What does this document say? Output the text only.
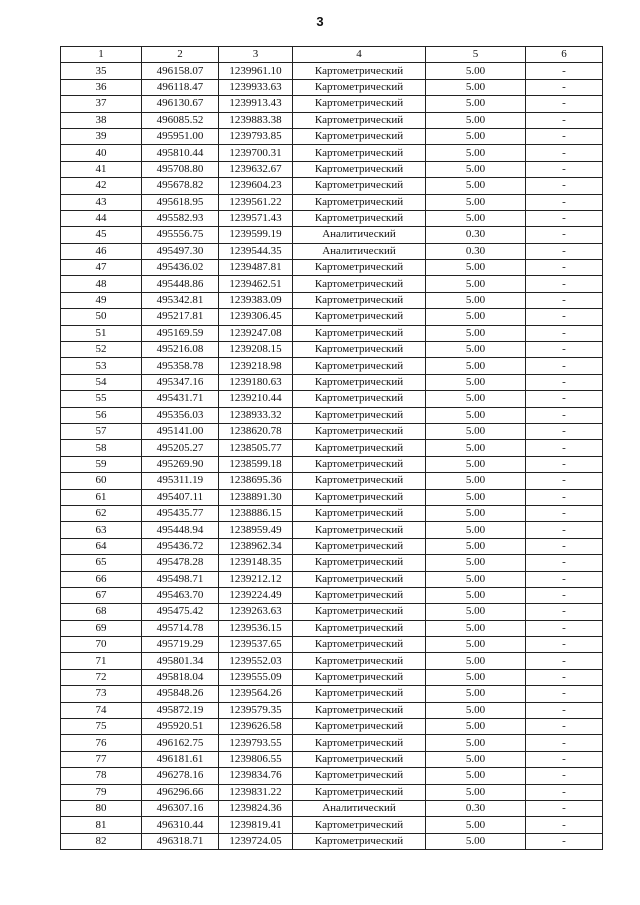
3
1	2	3	4	5	6
35	496158.07	1239961.10	Картометрический	5.00	-
36	496118.47	1239933.63	Картометрический	5.00	-
37	496130.67	1239913.43	Картометрический	5.00	-
38	496085.52	1239883.38	Картометрический	5.00	-
39	495951.00	1239793.85	Картометрический	5.00	-
40	495810.44	1239700.31	Картометрический	5.00	-
41	495708.80	1239632.67	Картометрический	5.00	-
42	495678.82	1239604.23	Картометрический	5.00	-
43	495618.95	1239561.22	Картометрический	5.00	-
44	495582.93	1239571.43	Картометрический	5.00	-
45	495556.75	1239599.19	Аналитический	0.30	-
46	495497.30	1239544.35	Аналитический	0.30	-
47	495436.02	1239487.81	Картометрический	5.00	-
48	495448.86	1239462.51	Картометрический	5.00	-
49	495342.81	1239383.09	Картометрический	5.00	-
50	495217.81	1239306.45	Картометрический	5.00	-
51	495169.59	1239247.08	Картометрический	5.00	-
52	495216.08	1239208.15	Картометрический	5.00	-
53	495358.78	1239218.98	Картометрический	5.00	-
54	495347.16	1239180.63	Картометрический	5.00	-
55	495431.71	1239210.44	Картометрический	5.00	-
56	495356.03	1238933.32	Картометрический	5.00	-
57	495141.00	1238620.78	Картометрический	5.00	-
58	495205.27	1238505.77	Картометрический	5.00	-
59	495269.90	1238599.18	Картометрический	5.00	-
60	495311.19	1238695.36	Картометрический	5.00	-
61	495407.11	1238891.30	Картометрический	5.00	-
62	495435.77	1238886.15	Картометрический	5.00	-
63	495448.94	1238959.49	Картометрический	5.00	-
64	495436.72	1238962.34	Картометрический	5.00	-
65	495478.28	1239148.35	Картометрический	5.00	-
66	495498.71	1239212.12	Картометрический	5.00	-
67	495463.70	1239224.49	Картометрический	5.00	-
68	495475.42	1239263.63	Картометрический	5.00	-
69	495714.78	1239536.15	Картометрический	5.00	-
70	495719.29	1239537.65	Картометрический	5.00	-
71	495801.34	1239552.03	Картометрический	5.00	-
72	495818.04	1239555.09	Картометрический	5.00	-
73	495848.26	1239564.26	Картометрический	5.00	-
74	495872.19	1239579.35	Картометрический	5.00	-
75	495920.51	1239626.58	Картометрический	5.00	-
76	496162.75	1239793.55	Картометрический	5.00	-
77	496181.61	1239806.55	Картометрический	5.00	-
78	496278.16	1239834.76	Картометрический	5.00	-
79	496296.66	1239831.22	Картометрический	5.00	-
80	496307.16	1239824.36	Аналитический	0.30	-
81	496310.44	1239819.41	Картометрический	5.00	-
82	496318.71	1239724.05	Картометрический	5.00	-
